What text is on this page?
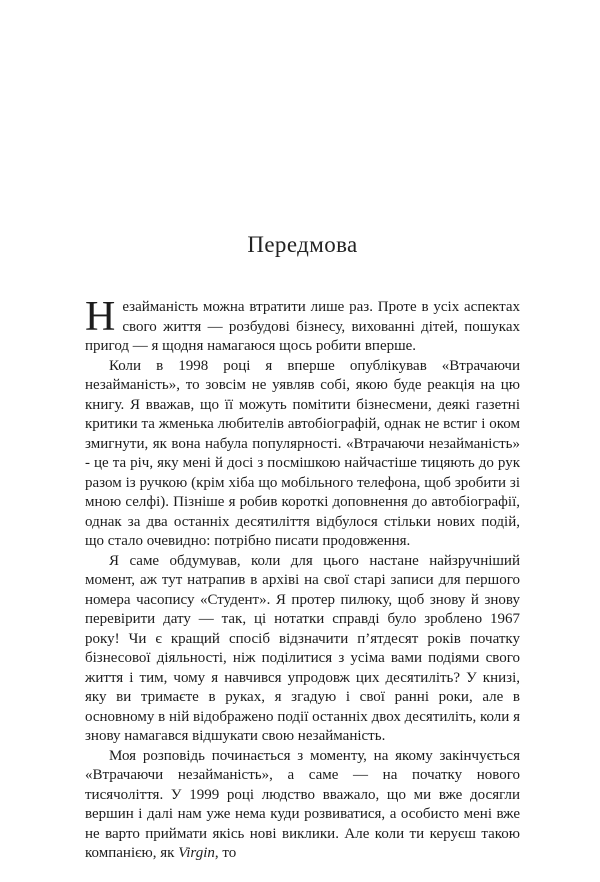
Передмова

Незайманість можна втратити лише раз. Проте в усіх аспектах свого життя — розбудові бізнесу, вихованні дітей, пошуках пригод — я щодня намагаюся щось робити вперше.

Коли в 1998 році я вперше опублікував «Втрачаючи незайманість», то зовсім не уявляв собі, якою буде реакція на цю книгу. Я вважав, що її можуть помітити бізнесмени, деякі газетні критики та жменька любителів автобіографій, однак не встиг і оком змигнути, як вона набула популярності. «Втрачаючи незайманість» - це та річ, яку мені й досі з посмішкою найчастіше тицяють до рук разом із ручкою (крім хіба що мобільного телефона, щоб зробити зі мною селфі). Пізніше я робив короткі доповнення до автобіографії, однак за два останніх десятиліття відбулося стільки нових подій, що стало очевидно: потрібно писати продовження.

Я саме обдумував, коли для цього настане найзручніший момент, аж тут натрапив в архіві на свої старі записи для першого номера часопису «Студент». Я протер пилюку, щоб знову й знову перевірити дату — так, ці нотатки справді було зроблено 1967 року! Чи є кращий спосіб відзначити п’ятдесят років початку бізнесової діяльності, ніж поділитися з усіма вами подіями свого життя і тим, чому я навчився упродовж цих десятиліть? У книзі, яку ви тримаєте в руках, я згадую і свої ранні роки, але в основному в ній відображено події останніх двох десятиліть, коли я знову намагався відшукати свою незайманість.

Моя розповідь починається з моменту, на якому закінчується «Втрачаючи незайманість», а саме — на початку нового тисячоліття. У 1999 році людство вважало, що ми вже досягли вершин і далі нам уже нема куди розвиватися, а особисто мені вже не варто приймати якісь нові виклики. Але коли ти керуєш такою компанією, як Virgin, то
